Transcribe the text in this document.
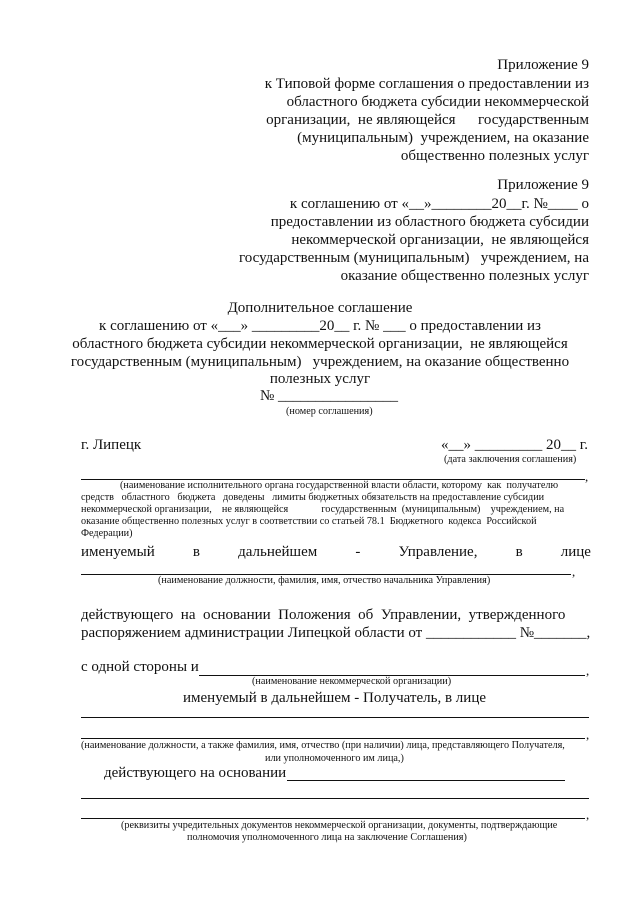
Приложение 9
к Типовой форме соглашения о предоставлении из
областного бюджета субсидии некоммерческой
организации,  не являющейся      государственным
(муниципальным)  учреждением, на оказание
общественно полезных услуг
Приложение 9
к соглашению от «__»________20__г. №____ о
предоставлении из областного бюджета субсидии
некоммерческой организации,  не являющейся
государственным (муниципальным)   учреждением, на
оказание общественно полезных услуг
Дополнительное соглашение
к соглашению от «___» _________20__ г. № ___ о предоставлении из
областного бюджета субсидии некоммерческой организации,  не являющейся
государственным (муниципальным)   учреждением, на оказание общественно
полезных услуг
№ ________________
(номер соглашения)
г. Липецк	«__» _________ 20__ г.
(дата заключения соглашения)
,
(наименование исполнительного органа государственной власти области, которому  как  получателю
средств   областного   бюджета   доведены   лимиты бюджетных обязательств на предоставление субсидии
некоммерческой организации,    не являющейся             государственным  (муниципальным)    учреждением, на
оказание общественно полезных услуг в соответствии со статьей 78.1  Бюджетного  кодекса  Российской
Федерации)
именуемый	в	дальнейшем	-	Управление,	в	лице
,
(наименование должности, фамилия, имя, отчество начальника Управления)
действующего  на  основании  Положения  об  Управлении,  утвержденного
распоряжением администрации Липецкой области от ____________ №_______,
с одной стороны и	,
(наименование некоммерческой организации)
именуемый в дальнейшем - Получатель, в лице
,
(наименование должности, а также фамилия, имя, отчество (при наличии) лица, представляющего Получателя,
или уполномоченного им лица,)
действующего на основании
,
(реквизиты учредительных документов некоммерческой организации, документы, подтверждающие
полномочия уполномоченного лица на заключение Соглашения)
